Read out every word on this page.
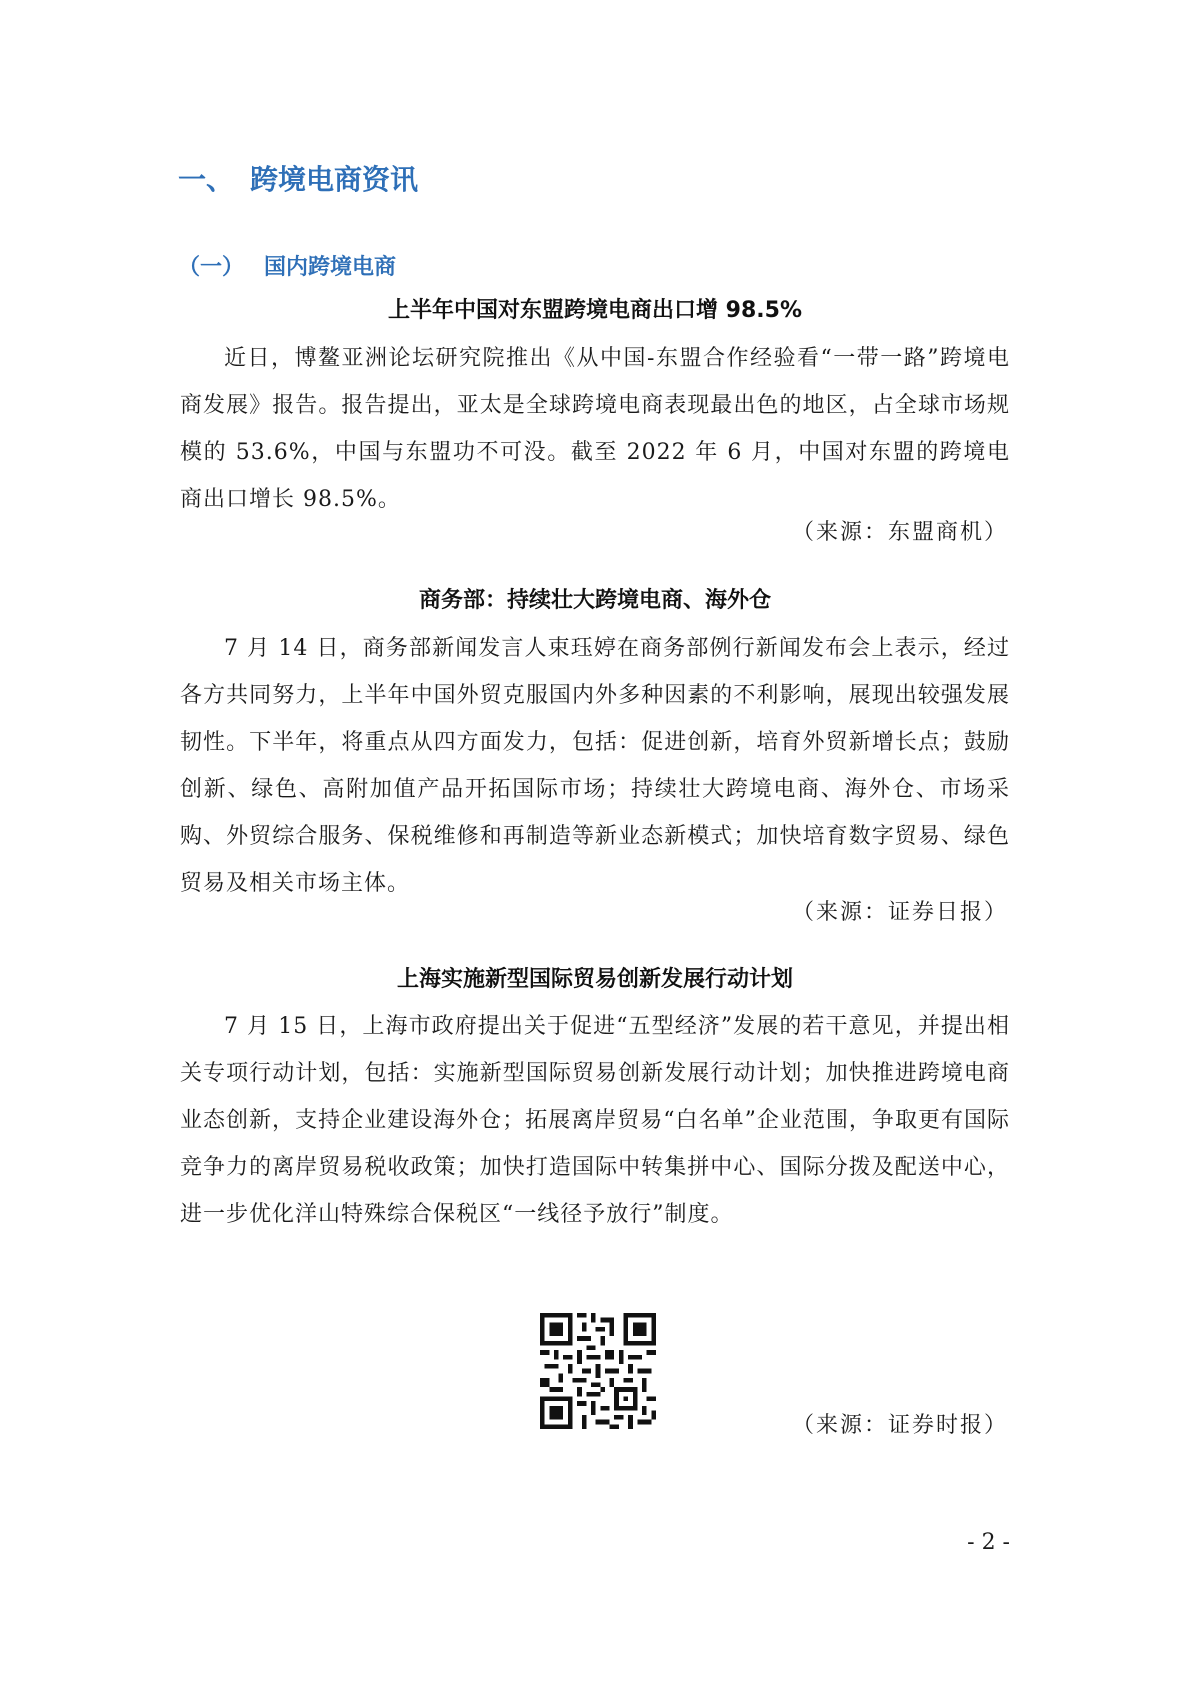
一、 跨境电商资讯
（一） 国内跨境电商
上半年中国对东盟跨境电商出口增 98.5%

近日，博鳌亚洲论坛研究院推出《从中国-东盟合作经验看“一带一路”跨境电商发展》报告。报告提出，亚太是全球跨境电商表现最出色的地区，占全球市场规模的 53.6%，中国与东盟功不可没。截至 2022 年 6 月，中国对东盟的跨境电商出口增长 98.5%。

（来源：东盟商机）
商务部：持续壮大跨境电商、海外仓

7 月 14 日，商务部新闻发言人束珏婷在商务部例行新闻发布会上表示，经过各方共同努力，上半年中国外贸克服国内外多种因素的不利影响，展现出较强发展韧性。下半年，将重点从四方面发力，包括：促进创新，培育外贸新增长点；鼓励创新、绿色、高附加值产品开拓国际市场；持续壮大跨境电商、海外仓、市场采购、外贸综合服务、保税维修和再制造等新业态新模式；加快培育数字贸易、绿色贸易及相关市场主体。

（来源：证券日报）
上海实施新型国际贸易创新发展行动计划

7 月 15 日，上海市政府提出关于促进“五型经济”发展的若干意见，并提出相关专项行动计划，包括：实施新型国际贸易创新发展行动计划；加快推进跨境电商业态创新，支持企业建设海外仓；拓展离岸贸易“白名单”企业范围，争取更有国际竞争力的离岸贸易税收政策；加快打造国际中转集拼中心、国际分拨及配送中心，进一步优化洋山特殊综合保税区“一线径予放行”制度。

（来源：证券时报）
- 2 -
